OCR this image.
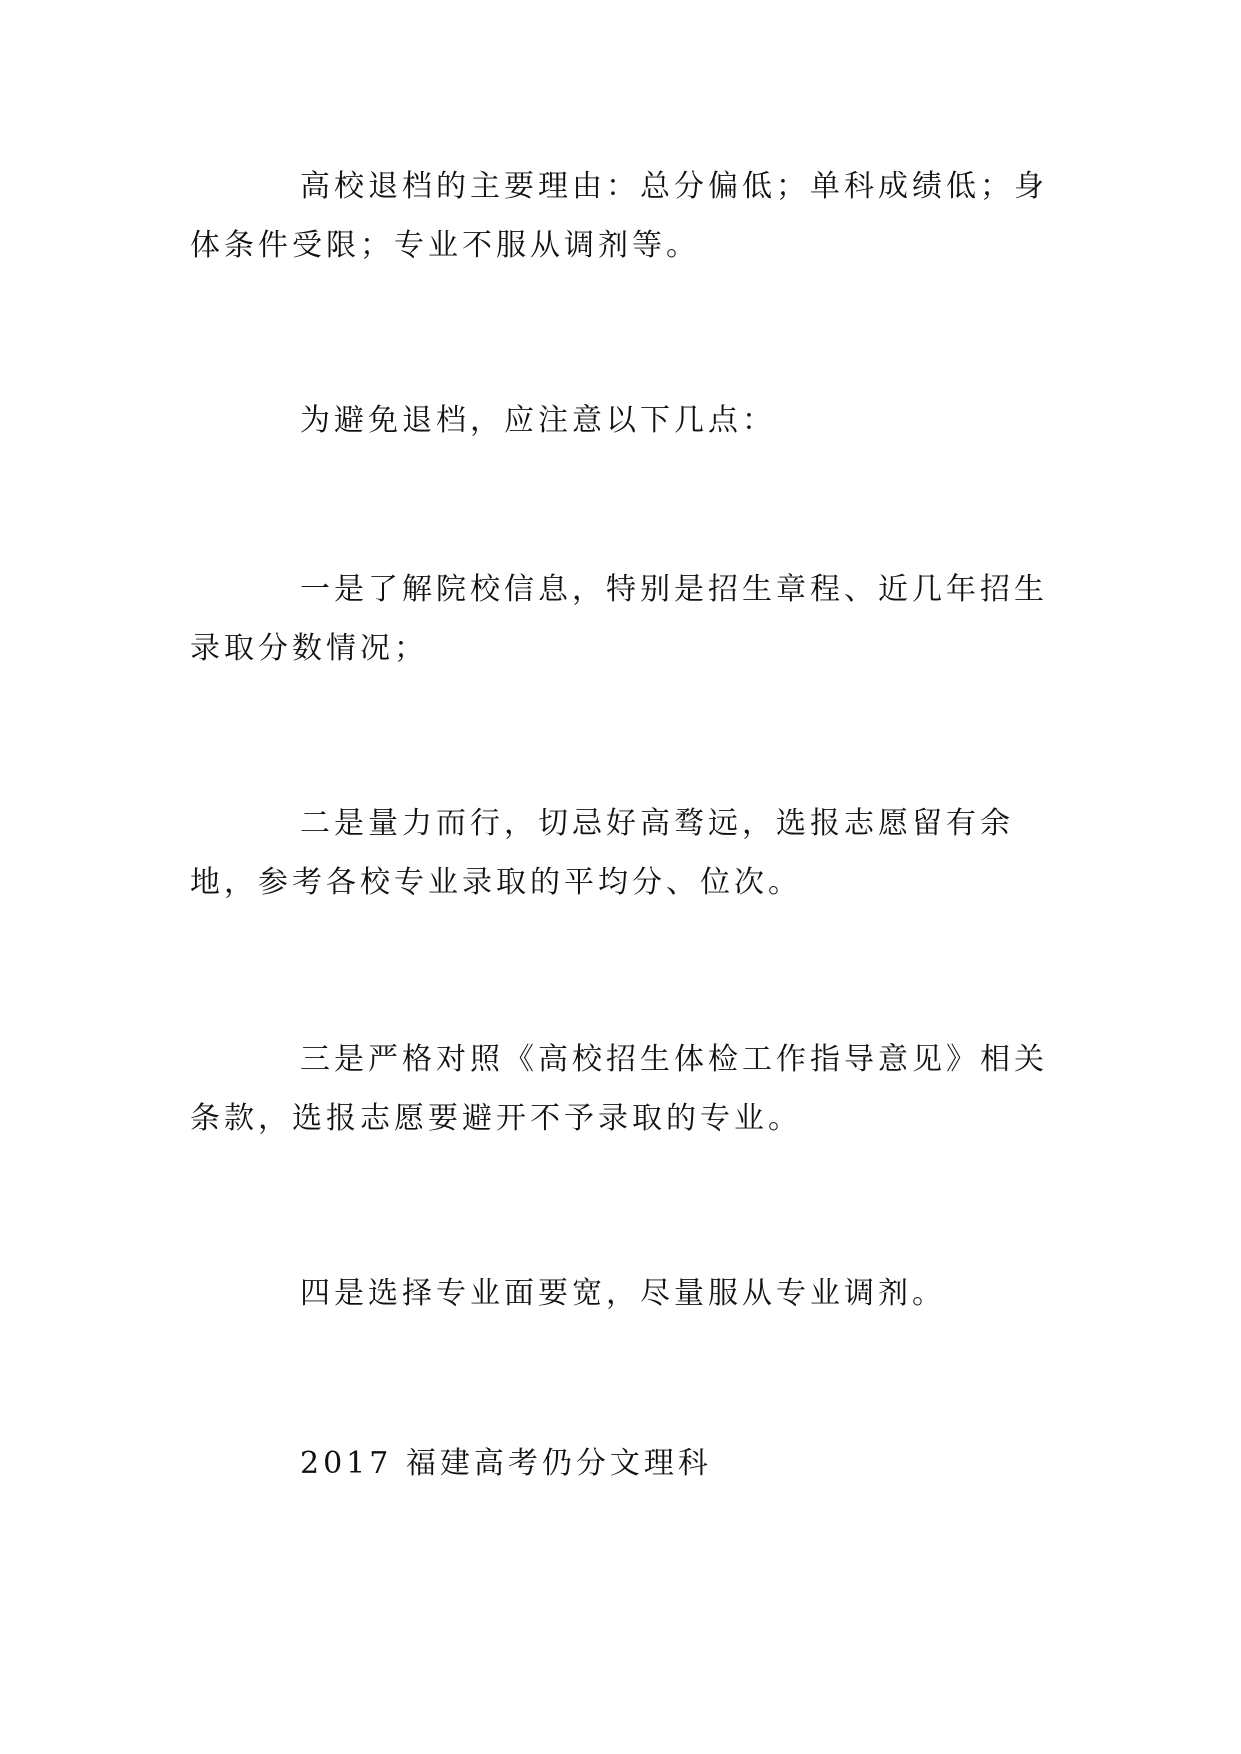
高校退档的主要理由：总分偏低；单科成绩低；身体条件受限；专业不服从调剂等。

为避免退档，应注意以下几点：

一是了解院校信息，特别是招生章程、近几年招生录取分数情况；

二是量力而行，切忌好高骛远，选报志愿留有余地，参考各校专业录取的平均分、位次。

三是严格对照《高校招生体检工作指导意见》相关条款，选报志愿要避开不予录取的专业。

四是选择专业面要宽，尽量服从专业调剂。

2017 福建高考仍分文理科
